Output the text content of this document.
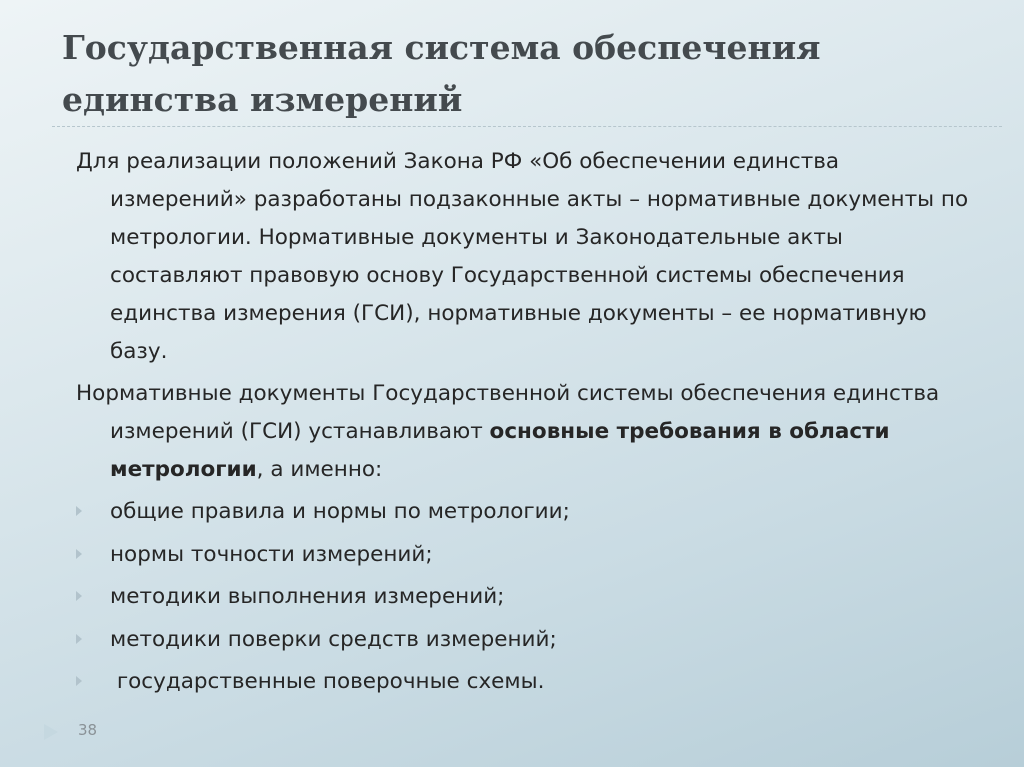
Государственная система обеспечения
единства измерений

Для реализации положений Закона РФ «Об обеспечении единства измерений» разработаны подзаконные акты – нормативные документы по метрологии. Нормативные документы и Законодательные акты составляют правовую основу Государственной системы обеспечения единства измерения (ГСИ), нормативные документы – ее нормативную базу.

Нормативные документы Государственной системы обеспечения единства измерений (ГСИ) устанавливают основные требования в области метрологии, а именно:

общие правила и нормы по метрологии;
нормы точности измерений;
методики выполнения измерений;
методики поверки средств измерений;
государственные поверочные схемы.
38
